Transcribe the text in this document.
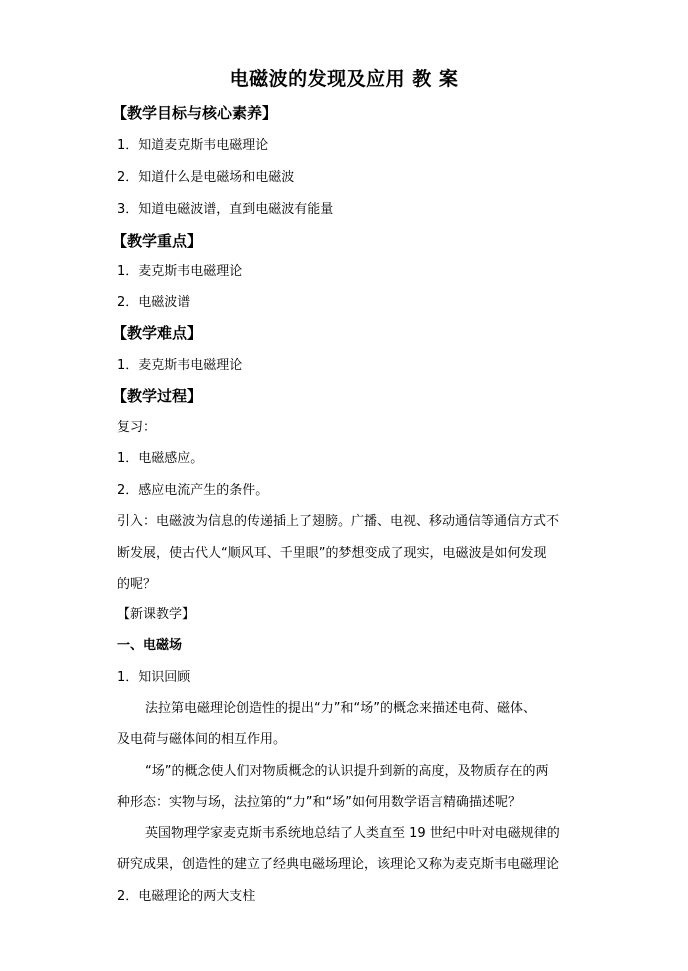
电磁波的发现及应用 教 案
【教学目标与核心素养】
1．知道麦克斯韦电磁理论
2．知道什么是电磁场和电磁波
3．知道电磁波谱，直到电磁波有能量
【教学重点】
1．麦克斯韦电磁理论
2．电磁波谱
【教学难点】
1．麦克斯韦电磁理论
【教学过程】
复习：
1．电磁感应。
2．感应电流产生的条件。
引入：电磁波为信息的传递插上了翅膀。广播、电视、移动通信等通信方式不
断发展，使古代人“顺风耳、千里眼”的梦想变成了现实，电磁波是如何发现
的呢？
【新课教学】
一、电磁场
1．知识回顾
法拉第电磁理论创造性的提出“力”和“场”的概念来描述电荷、磁体、
及电荷与磁体间的相互作用。
“场”的概念使人们对物质概念的认识提升到新的高度，及物质存在的两
种形态：实物与场，法拉第的“力”和“场”如何用数学语言精确描述呢？
英国物理学家麦克斯韦系统地总结了人类直至 19 世纪中叶对电磁规律的
研究成果，创造性的建立了经典电磁场理论，该理论又称为麦克斯韦电磁理论
2．电磁理论的两大支柱
